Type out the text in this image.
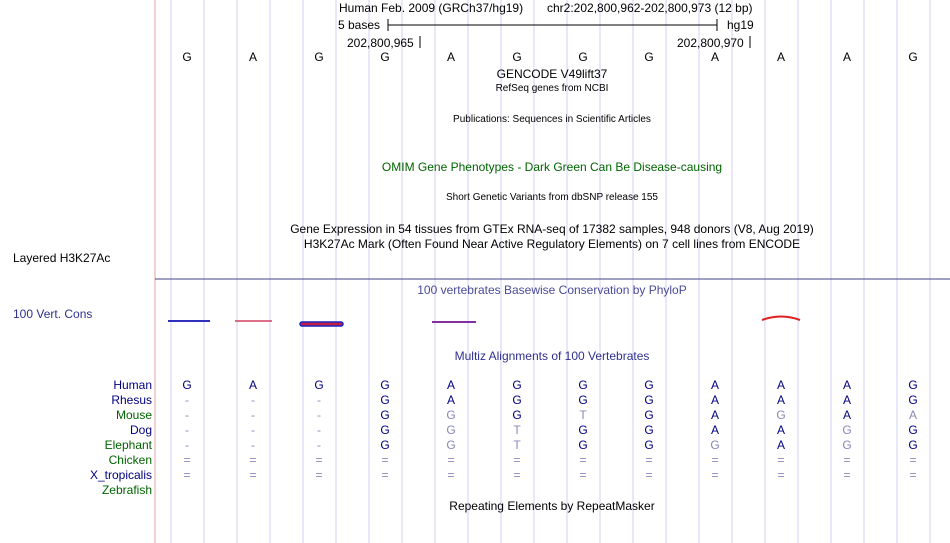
Human Feb. 2009 (GRCh37/hg19) chr2:202,800,962-202,800,973 (12 bp)
5 bases	hg19
202,800,965	202,800,970
GENCODE V49lift37
RefSeq genes from NCBI
Publications: Sequences in Scientific Articles
OMIM Gene Phenotypes - Dark Green Can Be Disease-causing
Short Genetic Variants from dbSNP release 155
Gene Expression in 54 tissues from GTEx RNA-seq of 17382 samples, 948 donors (V8, Aug 2019)
H3K27Ac Mark (Often Found Near Active Regulatory Elements) on 7 cell lines from ENCODE
Layered H3K27Ac
100 vertebrates Basewise Conservation by PhyloP
100 Vert. Cons
Multiz Alignments of 100 Vertebrates
Repeating Elements by RepeatMasker
G	A	G	G	A	G	G	G	A	A	A	G
Human	G	A	G	G	A	G	G	G	A	A	A	G
Rhesus	-	-	-	G	A	G	G	G	A	A	A	G
Mouse	-	-	-	G	G	G	T	G	A	G	A	A
Dog	-	-	-	G	G	T	G	G	A	A	G	G
Elephant	-	-	-	G	G	T	G	G	G	A	G	G
Chicken	=	=	=	=	=	=	=	=	=	=	=	=
X_tropicalis	=	=	=	=	=	=	=	=	=	=	=	=
Zebrafish
